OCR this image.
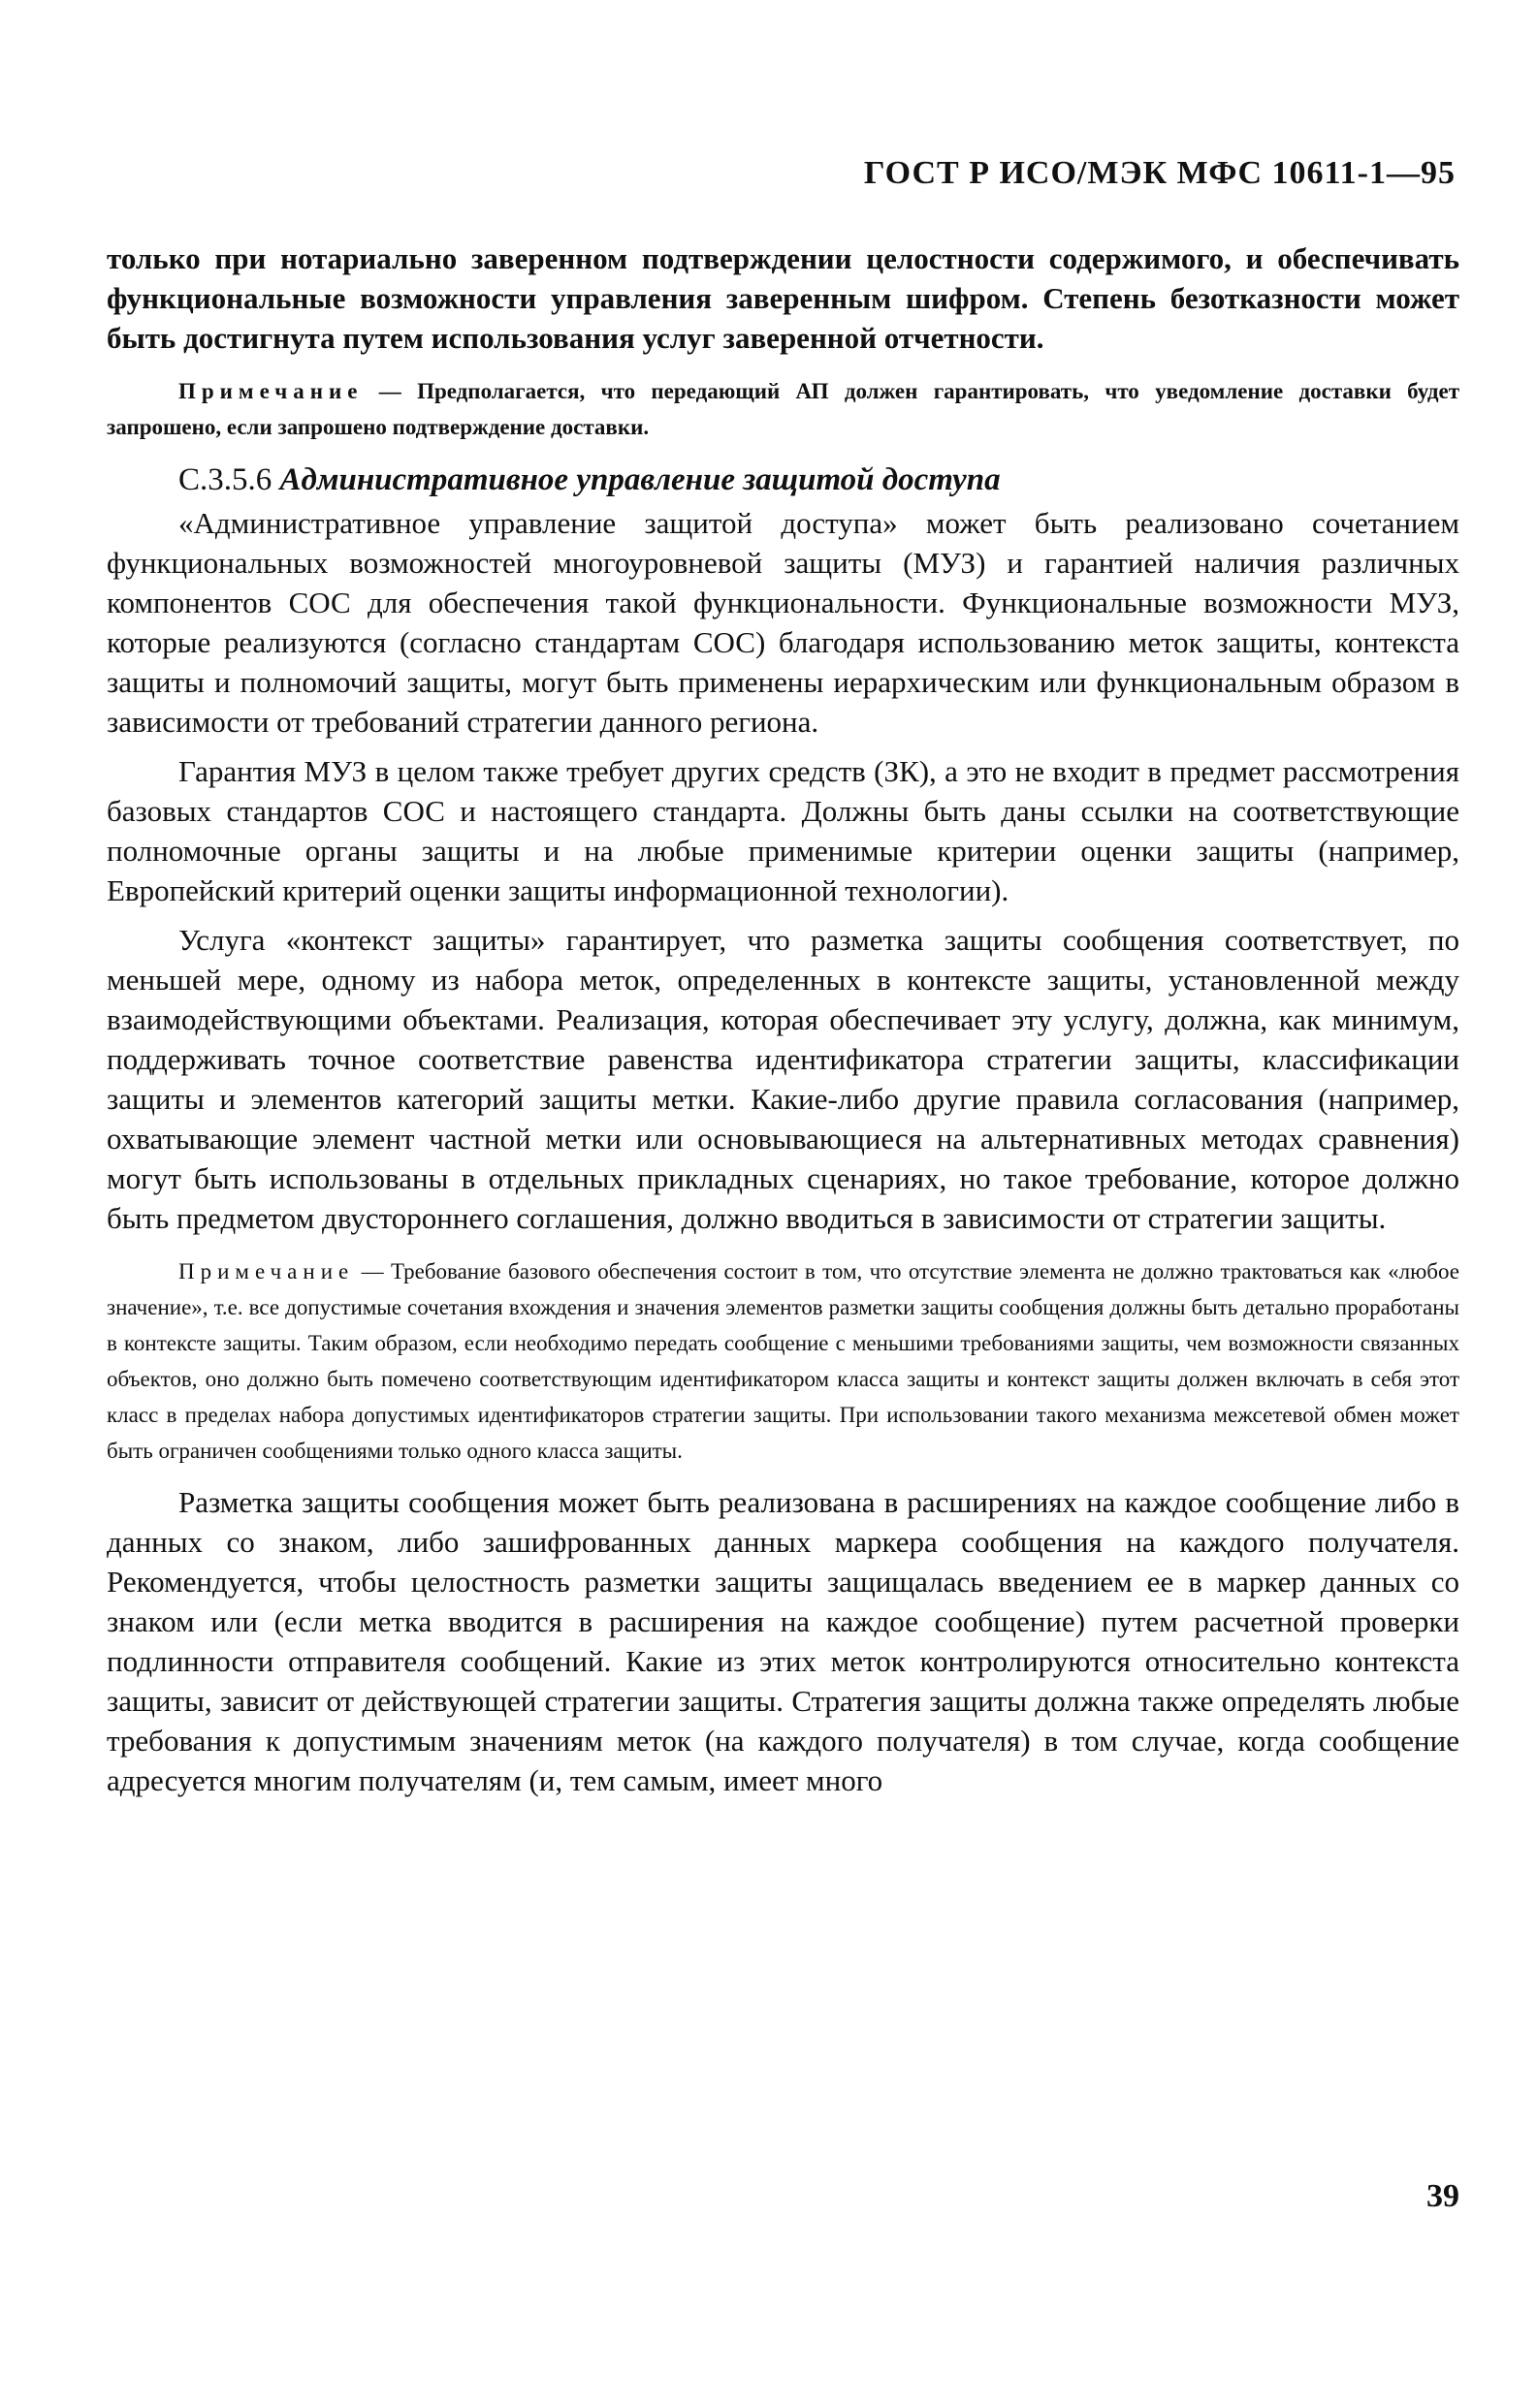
ГОСТ Р ИСО/МЭК МФС 10611-1—95

только при нотариально заверенном подтверждении целостности содержимого, и обеспечивать функциональные возможности управления заверенным шифром. Степень безотказности может быть достигнута путем использования услуг заверенной отчетности.

Примечание — Предполагается, что передающий АП должен гарантировать, что уведомление доставки будет запрошено, если запрошено подтверждение доставки.

С.3.5.6 Административное управление защитой доступа

«Административное управление защитой доступа» может быть реализовано сочетанием функциональных возможностей многоуровневой защиты (МУЗ) и гарантией наличия различных компонентов СОС для обеспечения такой функциональности. Функциональные возможности МУЗ, которые реализуются (согласно стандартам СОС) благодаря использованию меток защиты, контекста защиты и полномочий защиты, могут быть применены иерархическим или функциональным образом в зависимости от требований стратегии данного региона.

Гарантия МУЗ в целом также требует других средств (ЗК), а это не входит в предмет рассмотрения базовых стандартов СОС и настоящего стандарта. Должны быть даны ссылки на соответствующие полномочные органы защиты и на любые применимые критерии оценки защиты (например, Европейский критерий оценки защиты информационной технологии).

Услуга «контекст защиты» гарантирует, что разметка защиты сообщения соответствует, по меньшей мере, одному из набора меток, определенных в контексте защиты, установленной между взаимодействующими объектами. Реализация, которая обеспечивает эту услугу, должна, как минимум, поддерживать точное соответствие равенства идентификатора стратегии защиты, классификации защиты и элементов категорий защиты метки. Какие-либо другие правила согласования (например, охватывающие элемент частной метки или основывающиеся на альтернативных методах сравнения) могут быть использованы в отдельных прикладных сценариях, но такое требование, которое должно быть предметом двустороннего соглашения, должно вводиться в зависимости от стратегии защиты.

Примечание — Требование базового обеспечения состоит в том, что отсутствие элемента не должно трактоваться как «любое значение», т.е. все допустимые сочетания вхождения и значения элементов разметки защиты сообщения должны быть детально проработаны в контексте защиты. Таким образом, если необходимо передать сообщение с меньшими требованиями защиты, чем возможности связанных объектов, оно должно быть помечено соответствующим идентификатором класса защиты и контекст защиты должен включать в себя этот класс в пределах набора допустимых идентификаторов стратегии защиты. При использовании такого механизма межсетевой обмен может быть ограничен сообщениями только одного класса защиты.

Разметка защиты сообщения может быть реализована в расширениях на каждое сообщение либо в данных со знаком, либо зашифрованных данных маркера сообщения на каждого получателя. Рекомендуется, чтобы целостность разметки защиты защищалась введением ее в маркер данных со знаком или (если метка вводится в расширения на каждое сообщение) путем расчетной проверки подлинности отправителя сообщений. Какие из этих меток контролируются относительно контекста защиты, зависит от действующей стратегии защиты. Стратегия защиты должна также определять любые требования к допустимым значениям меток (на каждого получателя) в том случае, когда сообщение адресуется многим получателям (и, тем самым, имеет много

39
